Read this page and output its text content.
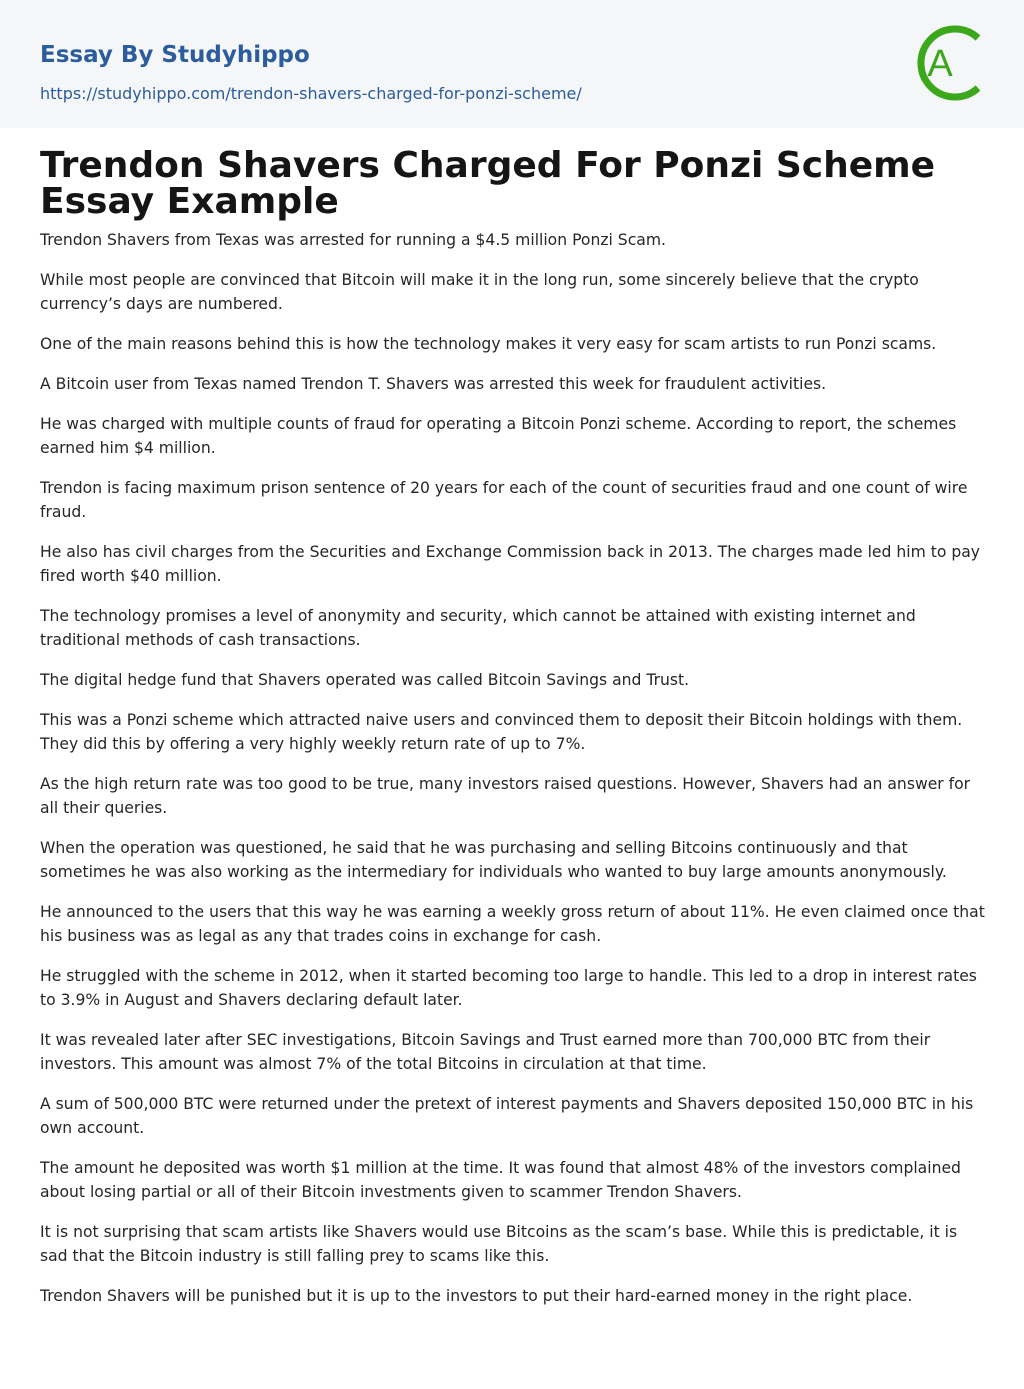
Essay By Studyhippo
https://studyhippo.com/trendon-shavers-charged-for-ponzi-scheme/
A
Trendon Shavers Charged For Ponzi Scheme Essay Example

Trendon Shavers from Texas was arrested for running a $4.5 million Ponzi Scam.

While most people are convinced that Bitcoin will make it in the long run, some sincerely believe that the crypto currency’s days are numbered.

One of the main reasons behind this is how the technology makes it very easy for scam artists to run Ponzi scams.

A Bitcoin user from Texas named Trendon T. Shavers was arrested this week for fraudulent activities.

He was charged with multiple counts of fraud for operating a Bitcoin Ponzi scheme. According to report, the schemes earned him $4 million.

Trendon is facing maximum prison sentence of 20 years for each of the count of securities fraud and one count of wire fraud.

He also has civil charges from the Securities and Exchange Commission back in 2013. The charges made led him to pay fired worth $40 million.

The technology promises a level of anonymity and security, which cannot be attained with existing internet and traditional methods of cash transactions.

The digital hedge fund that Shavers operated was called Bitcoin Savings and Trust.

This was a Ponzi scheme which attracted naive users and convinced them to deposit their Bitcoin holdings with them. They did this by offering a very highly weekly return rate of up to 7%.

As the high return rate was too good to be true, many investors raised questions. However, Shavers had an answer for all their queries.

When the operation was questioned, he said that he was purchasing and selling Bitcoins continuously and that sometimes he was also working as the intermediary for individuals who wanted to buy large amounts anonymously.

He announced to the users that this way he was earning a weekly gross return of about 11%. He even claimed once that his business was as legal as any that trades coins in exchange for cash.

He struggled with the scheme in 2012, when it started becoming too large to handle. This led to a drop in interest rates to 3.9% in August and Shavers declaring default later.

It was revealed later after SEC investigations, Bitcoin Savings and Trust earned more than 700,000 BTC from their investors. This amount was almost 7% of the total Bitcoins in circulation at that time.

A sum of 500,000 BTC were returned under the pretext of interest payments and Shavers deposited 150,000 BTC in his own account.

The amount he deposited was worth $1 million at the time. It was found that almost 48% of the investors complained about losing partial or all of their Bitcoin investments given to scammer Trendon Shavers.

It is not surprising that scam artists like Shavers would use Bitcoins as the scam’s base. While this is predictable, it is sad that the Bitcoin industry is still falling prey to scams like this.

Trendon Shavers will be punished but it is up to the investors to put their hard-earned money in the right place.
